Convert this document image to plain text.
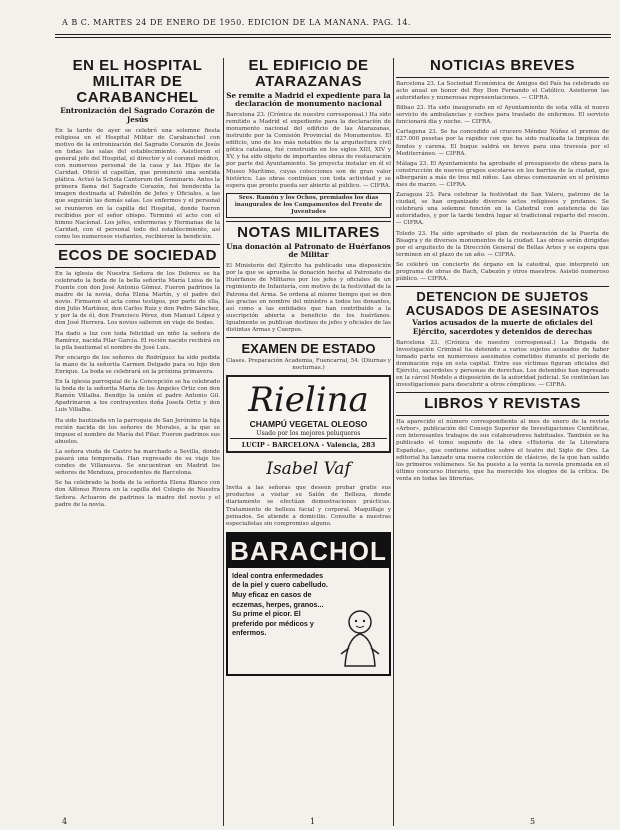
A B C. MARTES 24 DE ENERO DE 1950. EDICION DE LA MAÑANA. PAG. 14.
EN EL HOSPITAL MILITAR DE CARABANCHEL
Entronización del Sagrado Corazón de Jesús

En la tarde de ayer se celebró una solemne fiesta religiosa en el Hospital Militar de Carabanchel con motivo de la entronización del Sagrado Corazón de Jesús en todas las salas del establecimiento. Asistieron el general jefe del Hospital, el director y el coronel médico, con numeroso personal de la casa y las Hijas de la Caridad. Ofició el capellán, que pronunció una sentida plática. Actuó la Schola Cantorum del Seminario. Antes la primera llama del Sagrado Corazón, fué bendecida la imagen destinada al Pabellón de Jefes y Oficiales, a las que seguirán las demás salas. Los enfermos y el personal se reunieron en la capilla del Hospital, donde fueron recibidos por el señor obispo. Terminó el acto con el himno Nacional. Los jefes, enfermeras y Hermanas de la Caridad, con el personal todo del establecimiento, así como los numerosos visitantes, recibieron la bendición.

ECOS DE SOCIEDAD

En la iglesia de Nuestra Señora de los Dolores se ha celebrado la boda de la bella señorita María Luisa de la Fuente con don José Antonio Gómez. Fueron padrinos la madre de la novia, doña Elena Martín, y el padre del novio. Firmaron el acta como testigos, por parte de ella, don Julio Martínez, don Carlos Ruiz y don Pedro Sánchez, y por la de él, don Francisco Pérez, don Manuel López y don José Herrera. Los novios salieron en viaje de bodas.

Ha dado a luz con toda felicidad un niño la señora de Ramírez, nacida Pilar García. El recién nacido recibirá en la pila bautismal el nombre de José Luis.

Por encargo de los señores de Rodríguez ha sido pedida la mano de la señorita Carmen Delgado para su hijo don Enrique. La boda se celebrará en la próxima primavera.

En la iglesia parroquial de la Concepción se ha celebrado la boda de la señorita María de los Ángeles Ortiz con don Ramón Villalba. Bendijo la unión el padre Antonio Gil. Apadrinaron a los contrayentes doña Josefa Ortiz y don Luis Villalba.

Ha sido bautizada en la parroquia de San Jerónimo la hija recién nacida de los señores de Morales, a la que se impuso el nombre de María del Pilar. Fueron padrinos sus abuelos.

La señora viuda de Castro ha marchado a Sevilla, donde pasará una temporada. Han regresado de su viaje los condes de Villanueva. Se encuentran en Madrid los señores de Mendoza, procedentes de Barcelona.

Se ha celebrado la boda de la señorita Elena Blanco con don Alfonso Rivera en la capilla del Colegio de Nuestra Señora. Actuaron de padrinos la madre del novio y el padre de la novia.

EL EDIFICIO DE ATARAZANAS
Se remite a Madrid el expediente para la declaración de monumento nacional

Barcelona 23. (Crónica de nuestro corresponsal.) Ha sido remitido a Madrid el expediente para la declaración de monumento nacional del edificio de las Atarazanas, instruido por la Comisión Provincial de Monumentos. El edificio, uno de los más notables de la arquitectura civil gótica catalana, fué construido en los siglos XIII, XIV y XV, y ha sido objeto de importantes obras de restauración por parte del Ayuntamiento. Se proyecta instalar en él el Museo Marítimo, cuyas colecciones son de gran valor histórico. Las obras continúan con toda actividad y se espera que pronto pueda ser abierto al público. — CIFRA.

Sres. Ramón y los Ochos, premiados los días inaugurales de los Campamentos del Frente de Juventudes

NOTAS MILITARES
Una donación al Patronato de Huérfanos de Militar

El Ministerio del Ejército ha publicado una disposición por la que se aprueba la donación hecha al Patronato de Huérfanos de Militares por los jefes y oficiales de un regimiento de Infantería, con motivo de la festividad de la Patrona del Arma. Se ordena al mismo tiempo que se den las gracias en nombre del ministro a todos los donantes, así como a las entidades que han contribuido a la suscripción abierta a beneficio de los huérfanos. Igualmente se publican destinos de jefes y oficiales de las distintas Armas y Cuerpos.

EXAMEN DE ESTADO

Clases. Preparación Academia, Fuencarral, 54. (Diurnas y nocturnas.)

Rielina
CHAMPÚ VEGETAL OLEOSO
Usado por los mejores peluqueros
LUCIP - BARCELONA - Valencia, 283
Isabel Vaf

Invita a las señoras que deseen probar gratis sus productos a visitar su Salón de Belleza, donde diariamente se efectúan demostraciones prácticas. Tratamiento de belleza facial y corporal. Maquillaje y peinados. Se atiende a domicilio. Consulte a nuestras especialistas sin compromiso alguno.

BARACHOL
Ideal contra enfermedades de la piel y cuero cabelludo. Muy eficaz en casos de eczemas, herpes, granos... Su prime el picor. El preferido por médicos y enfermos.
NOTICIAS BREVES

Barcelona 23. La Sociedad Económica de Amigos del País ha celebrado su acto anual en honor del Rey Don Fernando el Católico. Asistieron las autoridades y numerosas representaciones. — CIFRA.

Bilbao 23. Ha sido inaugurado en el Ayuntamiento de esta villa el nuevo servicio de ambulancias y coches para traslado de enfermos. El servicio funcionará día y noche. — CIFRA.

Cartagena 23. Se ha concedido al crucero Méndez Núñez el premio de 827.000 pesetas por la rapidez con que ha sido realizada la limpieza de fondos y carena. El buque saldrá en breve para una travesía por el Mediterráneo. — CIFRA.

Málaga 23. El Ayuntamiento ha aprobado el presupuesto de obras para la construcción de nuevos grupos escolares en los barrios de la ciudad, que albergarán a más de tres mil niños. Las obras comenzarán en el próximo mes de marzo. — CIFRA.

Zaragoza 23. Para celebrar la festividad de San Valero, patrono de la ciudad, se han organizado diversos actos religiosos y profanos. Se celebrará una solemne función en la Catedral con asistencia de las autoridades, y por la tarde tendrá lugar el tradicional reparto del roscón. — CIFRA.

Toledo 23. Ha sido aprobado el plan de restauración de la Puerta de Bisagra y de diversos monumentos de la ciudad. Las obras serán dirigidas por el arquitecto de la Dirección General de Bellas Artes y se espera que terminen en el plazo de un año. — CIFRA.

Se celebró un concierto de órgano en la catedral, que interpretó un programa de obras de Bach, Cabezón y otros maestros. Asistió numeroso público. — CIFRA.

DETENCION DE SUJETOS ACUSADOS DE ASESINATOS
Varios acusados de la muerte de oficiales del Ejército, sacerdotes y detenidos de derechas

Barcelona 23. (Crónica de nuestro corresponsal.) La Brigada de Investigación Criminal ha detenido a varios sujetos acusados de haber tomado parte en numerosos asesinatos cometidos durante el período de dominación roja en esta capital. Entre sus víctimas figuran oficiales del Ejército, sacerdotes y personas de derechas. Los detenidos han ingresado en la cárcel Modelo a disposición de la autoridad judicial. Se continúan las investigaciones para descubrir a otros cómplices. — CIFRA.

LIBROS Y REVISTAS

Ha aparecido el número correspondiente al mes de enero de la revista «Arbor», publicación del Consejo Superior de Investigaciones Científicas, con interesantes trabajos de sus colaboradores habituales. También se ha publicado el tomo segundo de la obra «Historia de la Literatura Española», que contiene estudios sobre el teatro del Siglo de Oro. La editorial ha lanzado una nueva colección de clásicos, de la que han salido los primeros volúmenes. Se ha puesto a la venta la novela premiada en el último concurso literario, que ha merecido los elogios de la crítica. De venta en todas las librerías.

4	1	5
